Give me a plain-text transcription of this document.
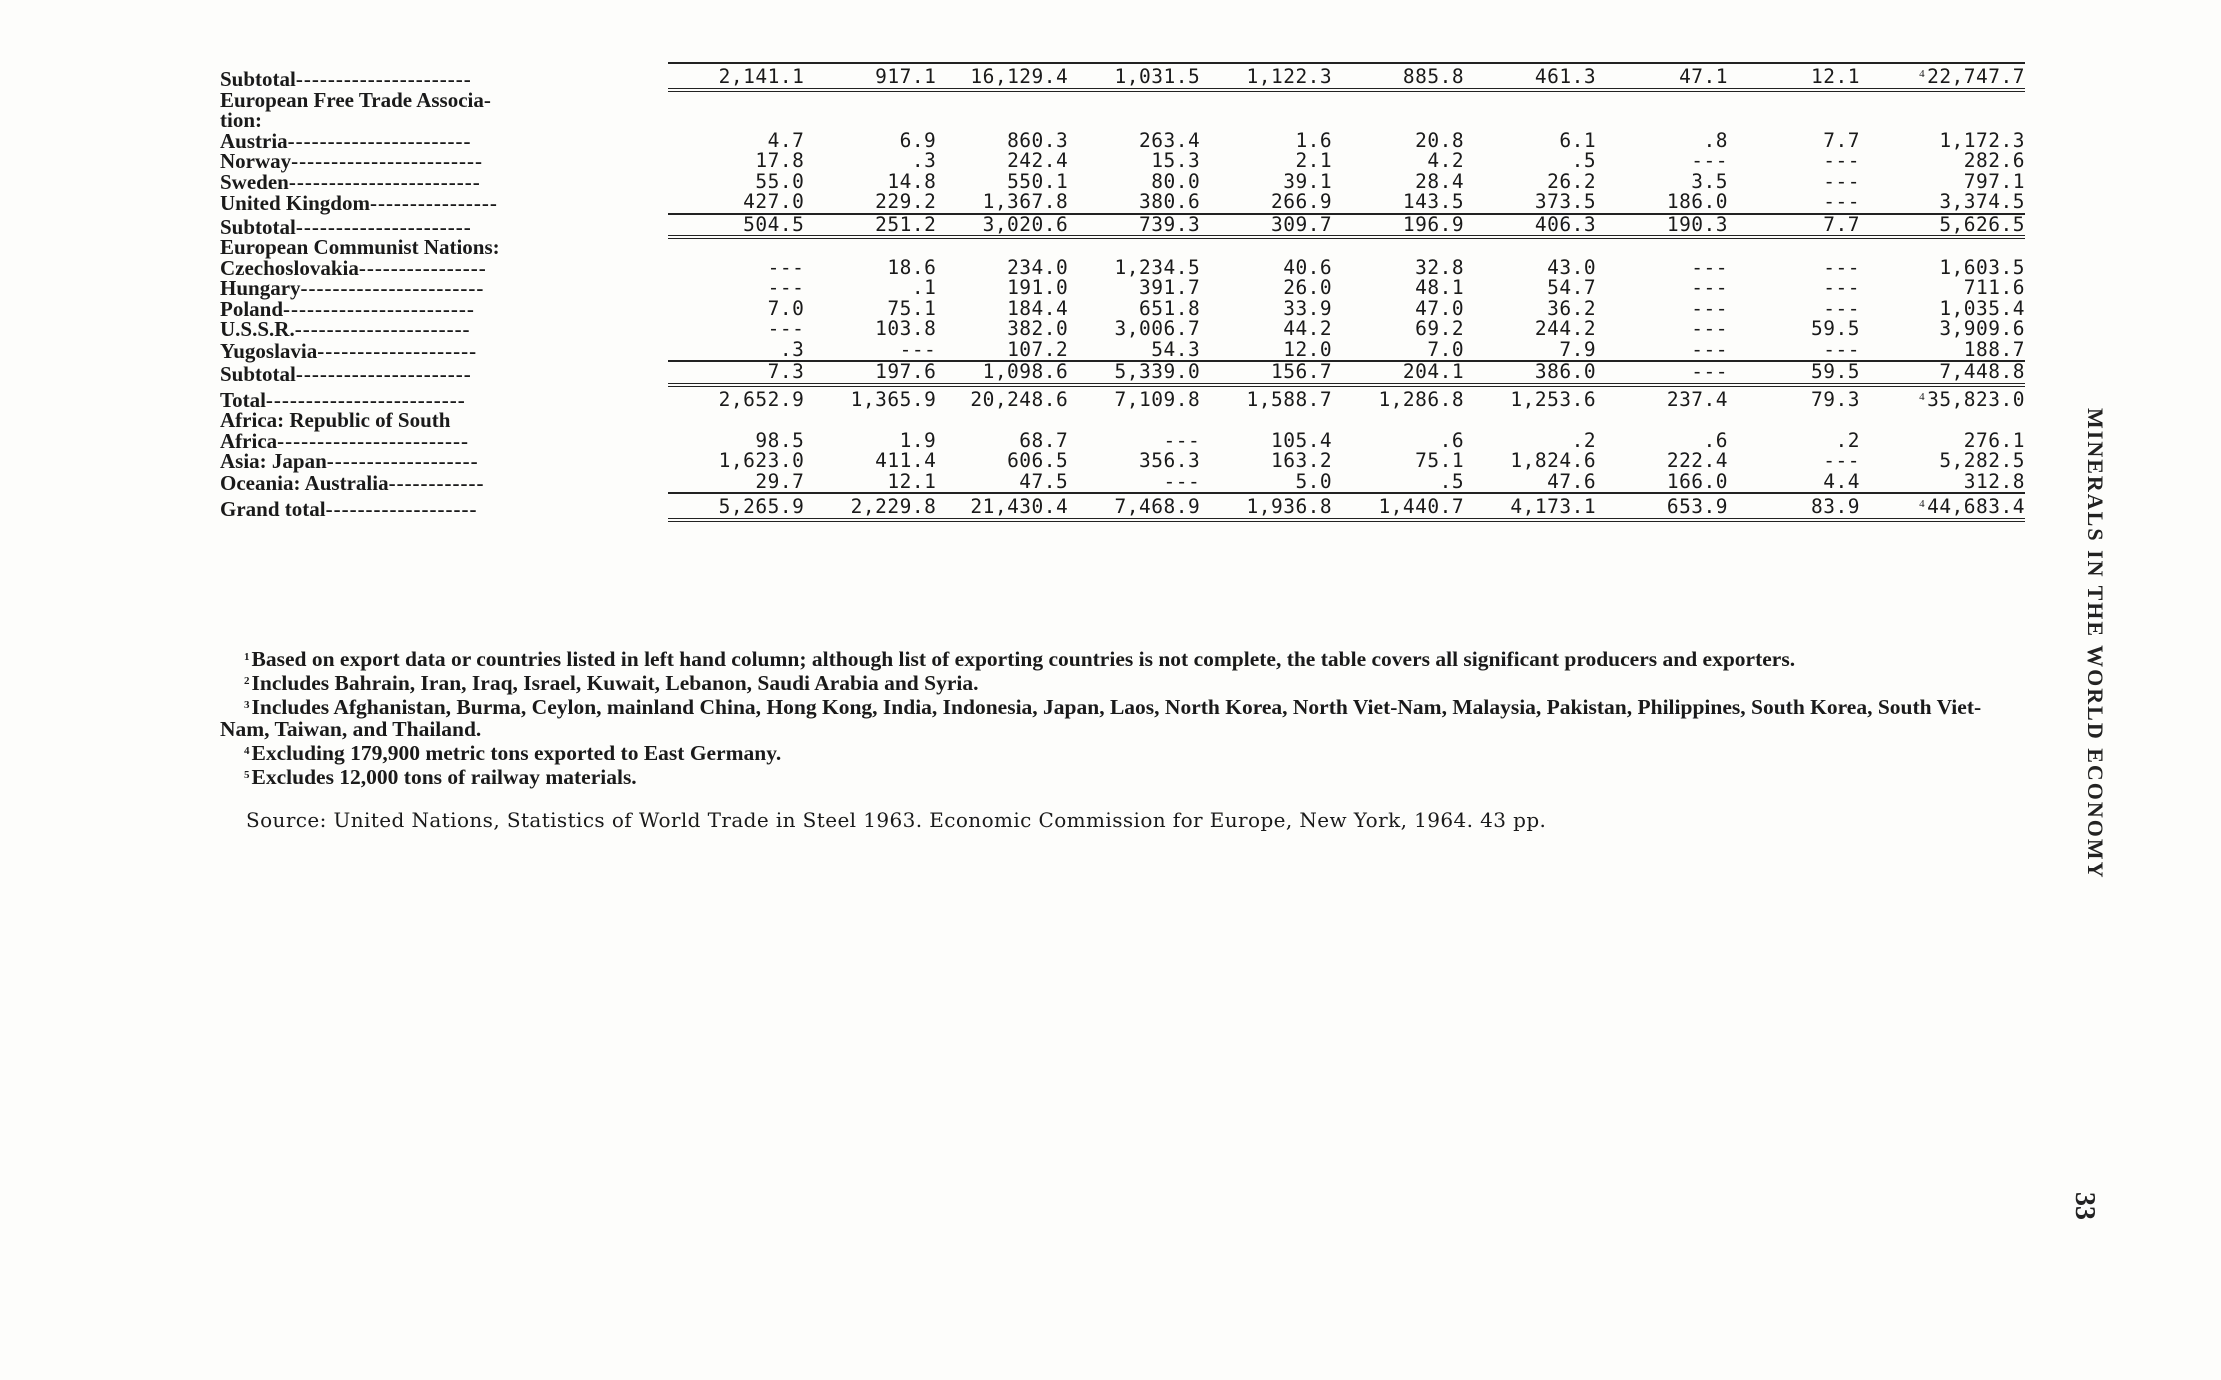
Subtotal----------------------	2,141.1	917.1	16,129.4	1,031.5	1,122.3	885.8	461.3	47.1	12.1	$^4$ 22,747.7
European Free Trade Associa-										
tion:										
Austria-----------------------	4.7	6.9	860.3	263.4	1.6	20.8	6.1	.8	7.7	1,172.3
Norway------------------------	17.8	.3	242.4	15.3	2.1	4.2	.5	---	---	282.6
Sweden------------------------	55.0	14.8	550.1	80.0	39.1	28.4	26.2	3.5	---	797.1
United Kingdom----------------	427.0	229.2	1,367.8	380.6	266.9	143.5	373.5	186.0	---	3,374.5
Subtotal----------------------	504.5	251.2	3,020.6	739.3	309.7	196.9	406.3	190.3	7.7	5,626.5
European Communist Nations:										
Czechoslovakia----------------	---	18.6	234.0	1,234.5	40.6	32.8	43.0	---	---	1,603.5
Hungary-----------------------	---	.1	191.0	391.7	26.0	48.1	54.7	---	---	711.6
Poland------------------------	7.0	75.1	184.4	651.8	33.9	47.0	36.2	---	---	1,035.4
U.S.S.R.----------------------	---	103.8	382.0	3,006.7	44.2	69.2	244.2	---	59.5	3,909.6
Yugoslavia--------------------	.3	---	107.2	54.3	12.0	7.0	7.9	---	---	188.7
Subtotal----------------------	7.3	197.6	1,098.6	5,339.0	156.7	204.1	386.0	---	59.5	7,448.8
Total-------------------------	2,652.9	1,365.9	20,248.6	7,109.8	1,588.7	1,286.8	1,253.6	237.4	79.3	$^4$ 35,823.0
Africa: Republic of South										
Africa------------------------	98.5	1.9	68.7	---	105.4	.6	.2	.6	.2	276.1
Asia: Japan-------------------	1,623.0	411.4	606.5	356.3	163.2	75.1	1,824.6	222.4	---	5,282.5
Oceania: Australia------------	29.7	12.1	47.5	---	5.0	.5	47.6	166.0	4.4	312.8
Grand total-------------------	5,265.9	2,229.8	21,430.4	7,468.9	1,936.8	1,440.7	4,173.1	653.9	83.9	$^4$ 44,683.4

$^1$Based on export data or countries listed in left hand column; although list of exporting countries is not complete, the table covers all significant producers and exporters.

$^2$Includes Bahrain, Iran, Iraq, Israel, Kuwait, Lebanon, Saudi Arabia and Syria.

$^3$Includes Afghanistan, Burma, Ceylon, mainland China, Hong Kong, India, Indonesia, Japan, Laos, North Korea, North Viet-Nam, Malaysia, Pakistan, Philippines, South Korea, South Viet-Nam, Taiwan, and Thailand.

$^4$Excluding 179,900 metric tons exported to East Germany.

$^5$Excludes 12,000 tons of railway materials.

Source: United Nations, Statistics of World Trade in Steel 1963. Economic Commission for Europe, New York, 1964. 43 pp.	MINERALS IN THE WORLD ECONOMY
33
